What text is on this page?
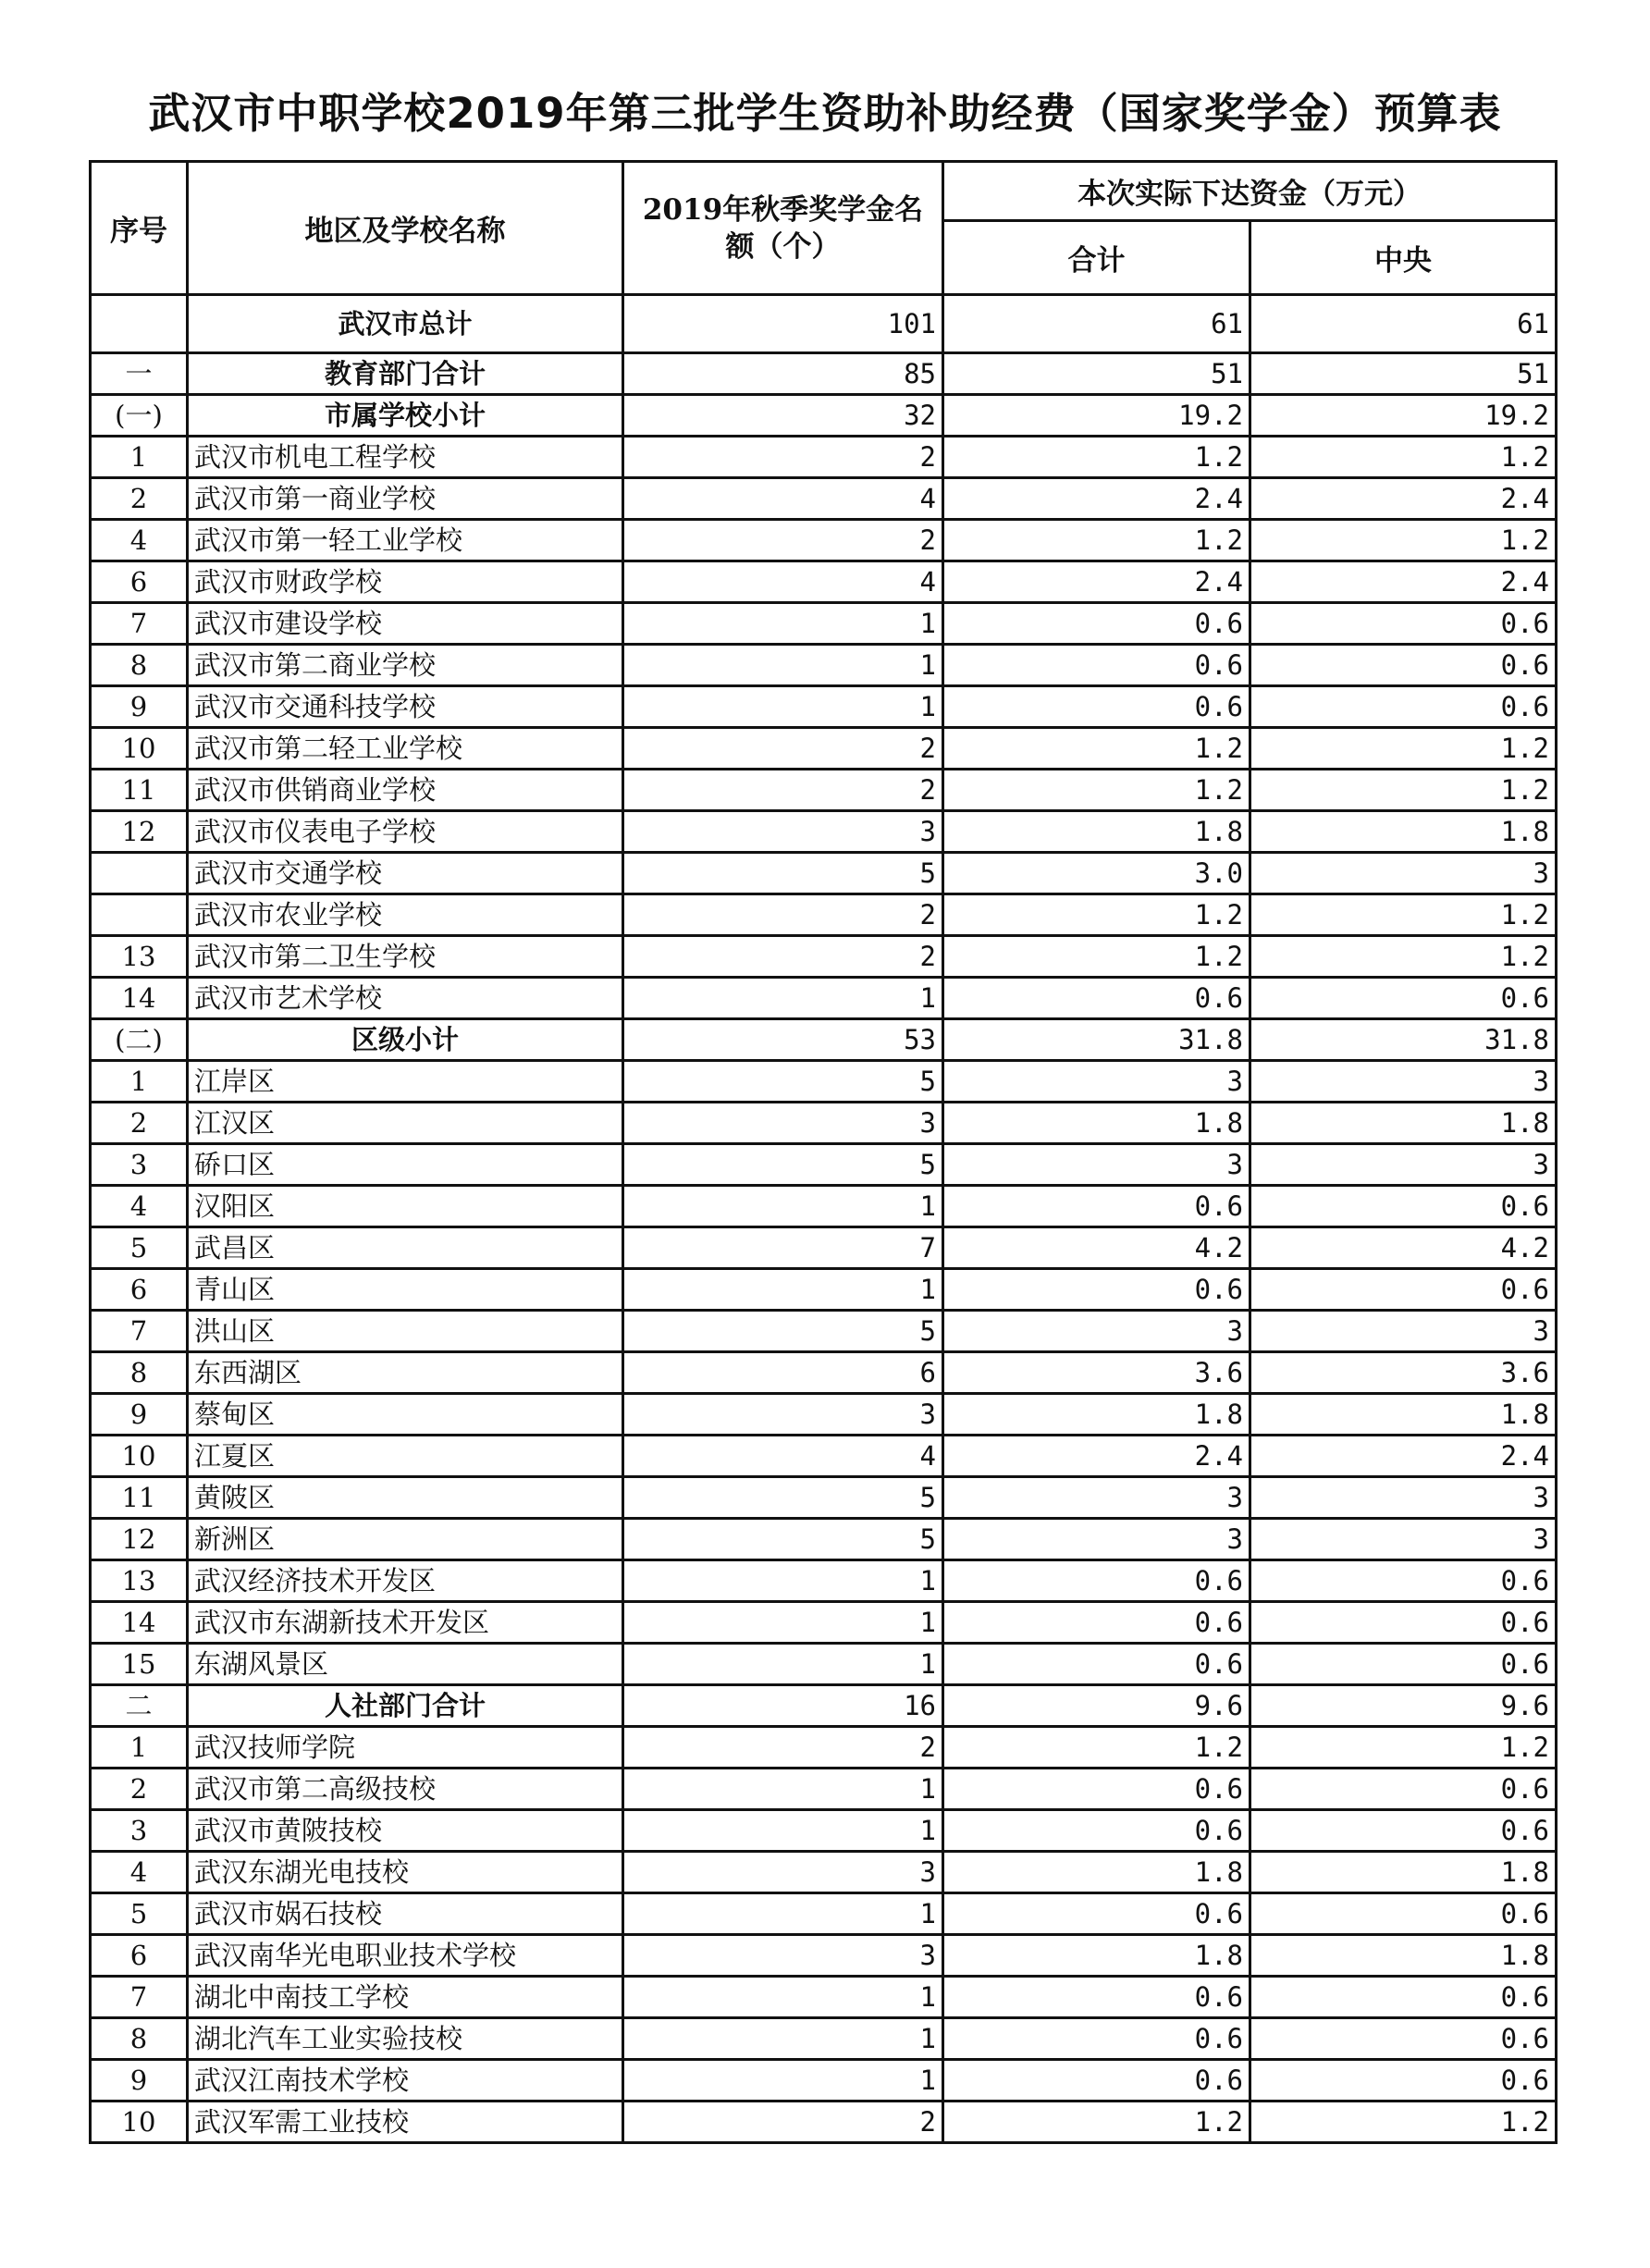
武汉市中职学校2019年第三批学生资助补助经费（国家奖学金）预算表
序号	地区及学校名称	2019年秋季奖学金名额（个）	本次实际下达资金（万元）	
			合计	中央
	武汉市总计	101	61	61
一	教育部门合计	85	51	51
(一)	市属学校小计	32	19.2	19.2
1	武汉市机电工程学校	2	1.2	1.2
2	武汉市第一商业学校	4	2.4	2.4
4	武汉市第一轻工业学校	2	1.2	1.2
6	武汉市财政学校	4	2.4	2.4
7	武汉市建设学校	1	0.6	0.6
8	武汉市第二商业学校	1	0.6	0.6
9	武汉市交通科技学校	1	0.6	0.6
10	武汉市第二轻工业学校	2	1.2	1.2
11	武汉市供销商业学校	2	1.2	1.2
12	武汉市仪表电子学校	3	1.8	1.8
	武汉市交通学校	5	3.0	3
	武汉市农业学校	2	1.2	1.2
13	武汉市第二卫生学校	2	1.2	1.2
14	武汉市艺术学校	1	0.6	0.6
(二)	区级小计	53	31.8	31.8
1	江岸区	5	3	3
2	江汉区	3	1.8	1.8
3	硚口区	5	3	3
4	汉阳区	1	0.6	0.6
5	武昌区	7	4.2	4.2
6	青山区	1	0.6	0.6
7	洪山区	5	3	3
8	东西湖区	6	3.6	3.6
9	蔡甸区	3	1.8	1.8
10	江夏区	4	2.4	2.4
11	黄陂区	5	3	3
12	新洲区	5	3	3
13	武汉经济技术开发区	1	0.6	0.6
14	武汉市东湖新技术开发区	1	0.6	0.6
15	东湖风景区	1	0.6	0.6
二	人社部门合计	16	9.6	9.6
1	武汉技师学院	2	1.2	1.2
2	武汉市第二高级技校	1	0.6	0.6
3	武汉市黄陂技校	1	0.6	0.6
4	武汉东湖光电技校	3	1.8	1.8
5	武汉市娲石技校	1	0.6	0.6
6	武汉南华光电职业技术学校	3	1.8	1.8
7	湖北中南技工学校	1	0.6	0.6
8	湖北汽车工业实验技校	1	0.6	0.6
9	武汉江南技术学校	1	0.6	0.6
10	武汉军需工业技校	2	1.2	1.2
